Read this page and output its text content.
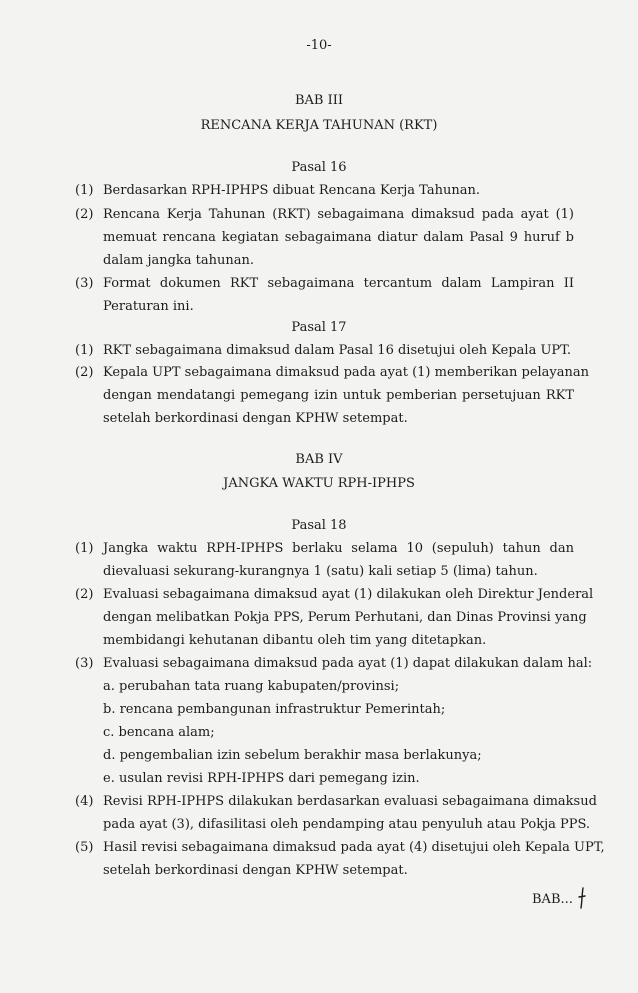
-10-
BAB III
RENCANA KERJA TAHUNAN (RKT)
Pasal 16
(1) Berdasarkan RPH-IPHPS dibuat Rencana Kerja Tahunan.
(2) Rencana Kerja Tahunan (RKT) sebagaimana dimaksud pada ayat (1)
memuat rencana kegiatan sebagaimana diatur dalam Pasal 9 huruf b
dalam jangka tahunan.
(3) Format dokumen RKT sebagaimana tercantum dalam Lampiran II
Peraturan ini.
Pasal 17
(1) RKT sebagaimana dimaksud dalam Pasal 16 disetujui oleh Kepala UPT.
(2) Kepala UPT sebagaimana dimaksud pada ayat (1) memberikan pelayanan
dengan mendatangi pemegang izin untuk pemberian persetujuan RKT
setelah berkordinasi dengan KPHW setempat.
BAB IV
JANGKA WAKTU RPH-IPHPS
Pasal 18
(1) Jangka waktu RPH-IPHPS berlaku selama 10 (sepuluh) tahun dan
dievaluasi sekurang-kurangnya 1 (satu) kali setiap 5 (lima) tahun.
(2) Evaluasi sebagaimana dimaksud ayat (1) dilakukan oleh Direktur Jenderal
dengan melibatkan Pokja PPS, Perum Perhutani, dan Dinas Provinsi yang
membidangi kehutanan dibantu oleh tim yang ditetapkan.
(3) Evaluasi sebagaimana dimaksud pada ayat (1) dapat dilakukan dalam hal:
a. perubahan tata ruang kabupaten/provinsi;
b. rencana pembangunan infrastruktur Pemerintah;
c. bencana alam;
d. pengembalian izin sebelum berakhir masa berlakunya;
e. usulan revisi RPH-IPHPS dari pemegang izin.
(4) Revisi RPH-IPHPS dilakukan berdasarkan evaluasi sebagaimana dimaksud
pada ayat (3), difasilitasi oleh pendamping atau penyuluh atau Pokja PPS.
(5) Hasil revisi sebagaimana dimaksud pada ayat (4) disetujui oleh Kepala UPT,
setelah berkordinasi dengan KPHW setempat.
BAB...
